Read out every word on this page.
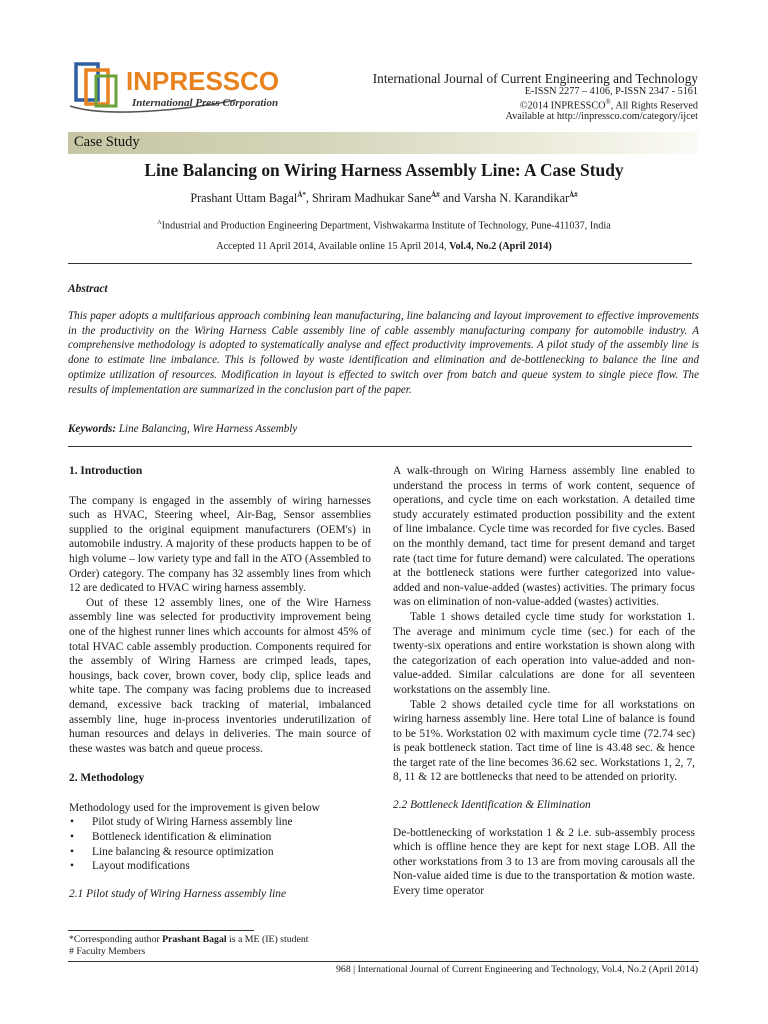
INPRESSCO
International Press Corporation
International Journal of Current Engineering and Technology
E-ISSN 2277 – 4106, P-ISSN 2347 - 5161
©2014 INPRESSCO®, All Rights Reserved
Available at http://inpressco.com/category/ijcet
Case Study
Line Balancing on Wiring Harness Assembly Line: A Case Study
Prashant Uttam Bagal$^{Ȧ*}$, Shriram Madhukar Sane$^{Ȧ\#}$ and Varsha N. Karandikar$^{Ȧ\#}$
$^A$Industrial and Production Engineering Department, Vishwakarma Institute of Technology, Pune-411037, India
Accepted 11 April 2014, Available online 15 April 2014, Vol.4, No.2 (April 2014)
Abstract
This paper adopts a multifarious approach combining lean manufacturing, line balancing and layout improvement to effective improvements in the productivity on the Wiring Harness Cable assembly line of cable assembly manufacturing company for automobile industry. A comprehensive methodology is adopted to systematically analyse and effect productivity improvements. A pilot study of the assembly line is done to estimate line imbalance. This is followed by waste identification and elimination and de-bottlenecking to balance the line and optimize utilization of resources. Modification in layout is effected to switch over from batch and queue system to single piece flow. The results of implementation are summarized in the conclusion part of the paper.
Keywords: Line Balancing, Wire Harness Assembly

1. Introduction

The company is engaged in the assembly of wiring harnesses such as HVAC, Steering wheel, Air-Bag, Sensor assemblies supplied to the original equipment manufacturers (OEM's) in automobile industry. A majority of these products happen to be of high volume – low variety type and fall in the ATO (Assembled to Order) category. The company has 32 assembly lines from which 12 are dedicated to HVAC wiring harness assembly.

Out of these 12 assembly lines, one of the Wire Harness assembly line was selected for productivity improvement being one of the highest runner lines which accounts for almost 45% of total HVAC cable assembly production. Components required for the assembly of Wiring Harness are crimped leads, tapes, housings, back cover, brown cover, body clip, splice leads and white tape. The company was facing problems due to increased demand, excessive back tracking of material, imbalanced assembly line, huge in-process inventories underutilization of human resources and delays in deliveries. The main source of these wastes was batch and queue process.

2. Methodology

Methodology used for the improvement is given below

• Pilot study of Wiring Harness assembly line
• Bottleneck identification & elimination
• Line balancing & resource optimization
• Layout modifications

2.1 Pilot study of Wiring Harness assembly line

A walk-through on Wiring Harness assembly line enabled to understand the process in terms of work content, sequence of operations, and cycle time on each workstation. A detailed time study accurately estimated production possibility and the extent of line imbalance. Cycle time was recorded for five cycles. Based on the monthly demand, tact time for present demand and target rate (tact time for future demand) were calculated. The operations at the bottleneck stations were further categorized into value-added and non-value-added (wastes) activities. The primary focus was on elimination of non-value-added (wastes) activities.

Table 1 shows detailed cycle time study for workstation 1. The average and minimum cycle time (sec.) for each of the twenty-six operations and entire workstation is shown along with the categorization of each operation into value-added and non-value-added. Similar calculations are done for all seventeen workstations on the assembly line.

Table 2 shows detailed cycle time for all workstations on wiring harness assembly line. Here total Line of balance is found to be 51%. Workstation 02 with maximum cycle time (72.74 sec) is peak bottleneck station. Tact time of line is 43.48 sec. & hence the target rate of the line becomes 36.62 sec. Workstations 1, 2, 7, 8, 11 & 12 are bottlenecks that need to be attended on priority.

2.2 Bottleneck Identification & Elimination

De-bottlenecking of workstation 1 & 2 i.e. sub-assembly process which is offline hence they are kept for next stage LOB. All the other workstations from 3 to 13 are from moving carousals all the Non-value aided time is due to the transportation & motion waste. Every time operator

*Corresponding author Prashant Bagal is a ME (IE) student
# Faculty Members
968 | International Journal of Current Engineering and Technology, Vol.4, No.2 (April 2014)
